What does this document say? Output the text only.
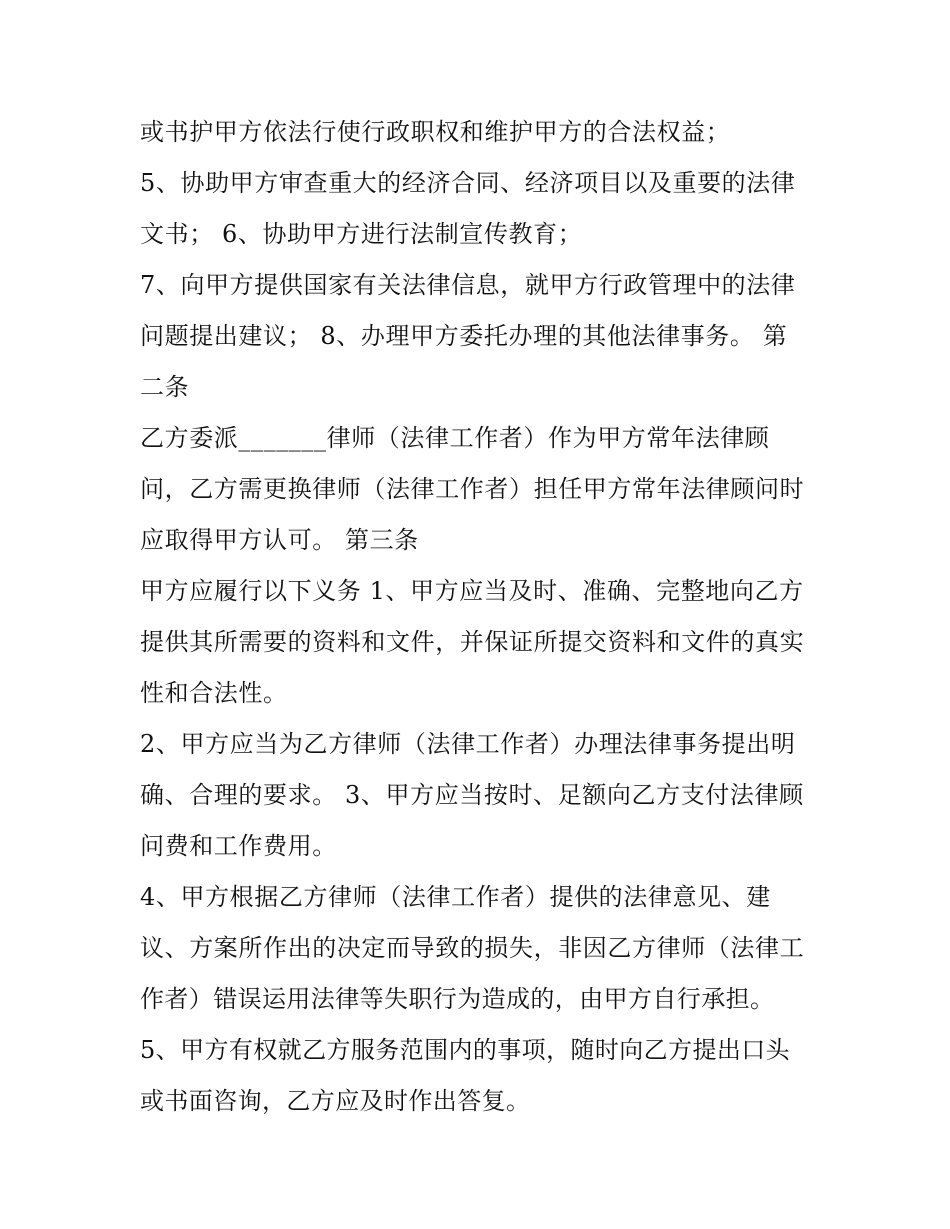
或书护甲方依法行使行政职权和维护甲方的合法权益；
5、协助甲方审查重大的经济合同、经济项目以及重要的法律
文书； 6、协助甲方进行法制宣传教育；
7、向甲方提供国家有关法律信息，就甲方行政管理中的法律
问题提出建议； 8、办理甲方委托办理的其他法律事务。 第
二条
乙方委派_______律师（法律工作者）作为甲方常年法律顾
问，乙方需更换律师（法律工作者）担任甲方常年法律顾问时
应取得甲方认可。 第三条
甲方应履行以下义务 1、甲方应当及时、准确、完整地向乙方
提供其所需要的资料和文件，并保证所提交资料和文件的真实
性和合法性。
2、甲方应当为乙方律师（法律工作者）办理法律事务提出明
确、合理的要求。 3、甲方应当按时、足额向乙方支付法律顾
问费和工作费用。
4、甲方根据乙方律师（法律工作者）提供的法律意见、建
议、方案所作出的决定而导致的损失，非因乙方律师（法律工
作者）错误运用法律等失职行为造成的，由甲方自行承担。
5、甲方有权就乙方服务范围内的事项，随时向乙方提出口头
或书面咨询，乙方应及时作出答复。
